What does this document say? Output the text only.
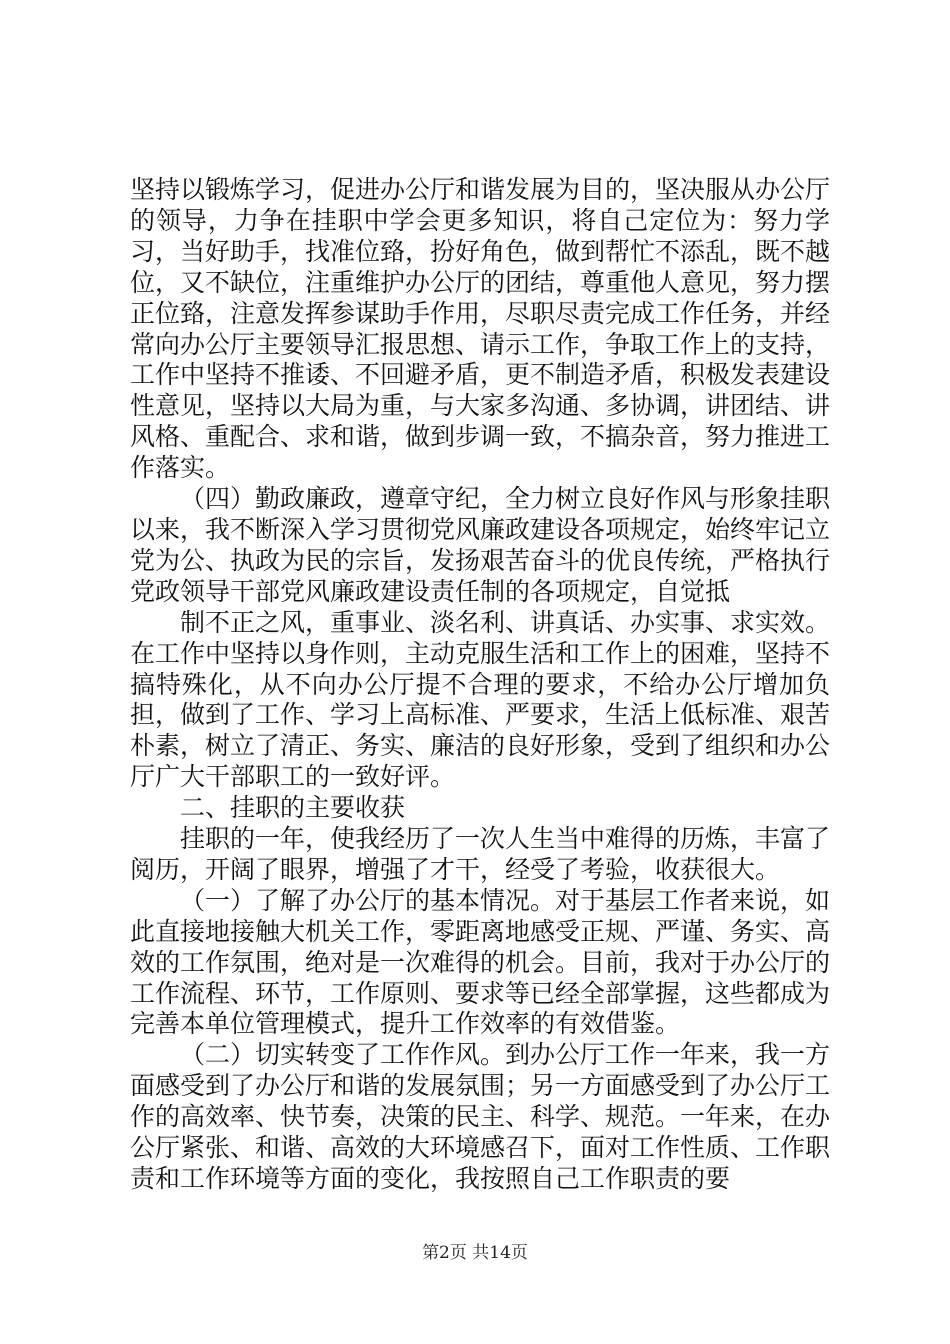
坚持以锻炼学习，促进办公厅和谐发展为目的，坚决服从办公厅的领导，力争在挂职中学会更多知识，将自己定位为：努力学习，当好助手，找准位臵，扮好角色，做到帮忙不添乱，既不越位，又不缺位，注重维护办公厅的团结，尊重他人意见，努力摆正位臵，注意发挥参谋助手作用，尽职尽责完成工作任务，并经常向办公厅主要领导汇报思想、请示工作，争取工作上的支持，工作中坚持不推诿、不回避矛盾，更不制造矛盾，积极发表建设性意见，坚持以大局为重，与大家多沟通、多协调，讲团结、讲风格、重配合、求和谐，做到步调一致，不搞杂音，努力推进工作落实。

（四）勤政廉政，遵章守纪，全力树立良好作风与形象挂职以来，我不断深入学习贯彻党风廉政建设各项规定，始终牢记立党为公、执政为民的宗旨，发扬艰苦奋斗的优良传统，严格执行党政领导干部党风廉政建设责任制的各项规定，自觉抵

制不正之风，重事业、淡名利、讲真话、办实事、求实效。在工作中坚持以身作则，主动克服生活和工作上的困难，坚持不搞特殊化，从不向办公厅提不合理的要求，不给办公厅增加负担，做到了工作、学习上高标准、严要求，生活上低标准、艰苦朴素，树立了清正、务实、廉洁的良好形象，受到了组织和办公厅广大干部职工的一致好评。

二、挂职的主要收获

挂职的一年，使我经历了一次人生当中难得的历炼，丰富了阅历，开阔了眼界，增强了才干，经受了考验，收获很大。

（一）了解了办公厅的基本情况。对于基层工作者来说，如此直接地接触大机关工作，零距离地感受正规、严谨、务实、高效的工作氛围，绝对是一次难得的机会。目前，我对于办公厅的工作流程、环节，工作原则、要求等已经全部掌握，这些都成为完善本单位管理模式，提升工作效率的有效借鉴。

（二）切实转变了工作作风。到办公厅工作一年来，我一方面感受到了办公厅和谐的发展氛围；另一方面感受到了办公厅工作的高效率、快节奏，决策的民主、科学、规范。一年来，在办公厅紧张、和谐、高效的大环境感召下，面对工作性质、工作职责和工作环境等方面的变化，我按照自己工作职责的要

第2页 共14页
